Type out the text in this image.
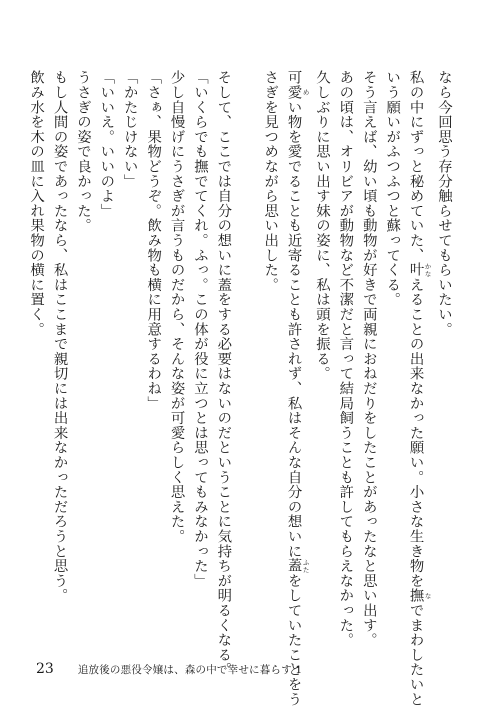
なら今回思う存分触らせてもらいたい。
私の中にずっと秘めていた、叶 かなえることの出来なかった願い。小さな生き物を撫 なでまわしたいと
いう願いがふつふつと蘇ってくる。
そう言えば、幼い頃も動物が好きで両親におねだりをしたことがあったなと思い出す。
あの頃は、オリビアが動物など不潔だと言って結局飼うことも許してもらえなかった。
久しぶりに思い出す妹の姿に、私は頭を振る。
可愛 めい物を愛でることも近寄ることも許されず、私はそんな自分の想いに蓋 ふたをしていたことをう
さぎを見つめながら思い出した。
そして、ここでは自分の想いに蓋をする必要はないのだということに気持ちが明るくなる。
「いくらでも撫でてくれ。ふっ。この体が役に立つとは思ってもみなかった」
少し自慢げにうさぎが言うものだから、そんな姿が可愛らしく思えた。
「さぁ、果物どうぞ。飲み物も横に用意するわね」
「かたじけない」
「いいえ。いいのよ」
うさぎの姿で良かった。
もし人間の姿であったなら、私はここまで親切には出来なかっただろうと思う。
飲み水を木の皿に入れ果物の横に置く。
23 追放後の悪役令嬢は、森の中で幸せに暮らす 1
